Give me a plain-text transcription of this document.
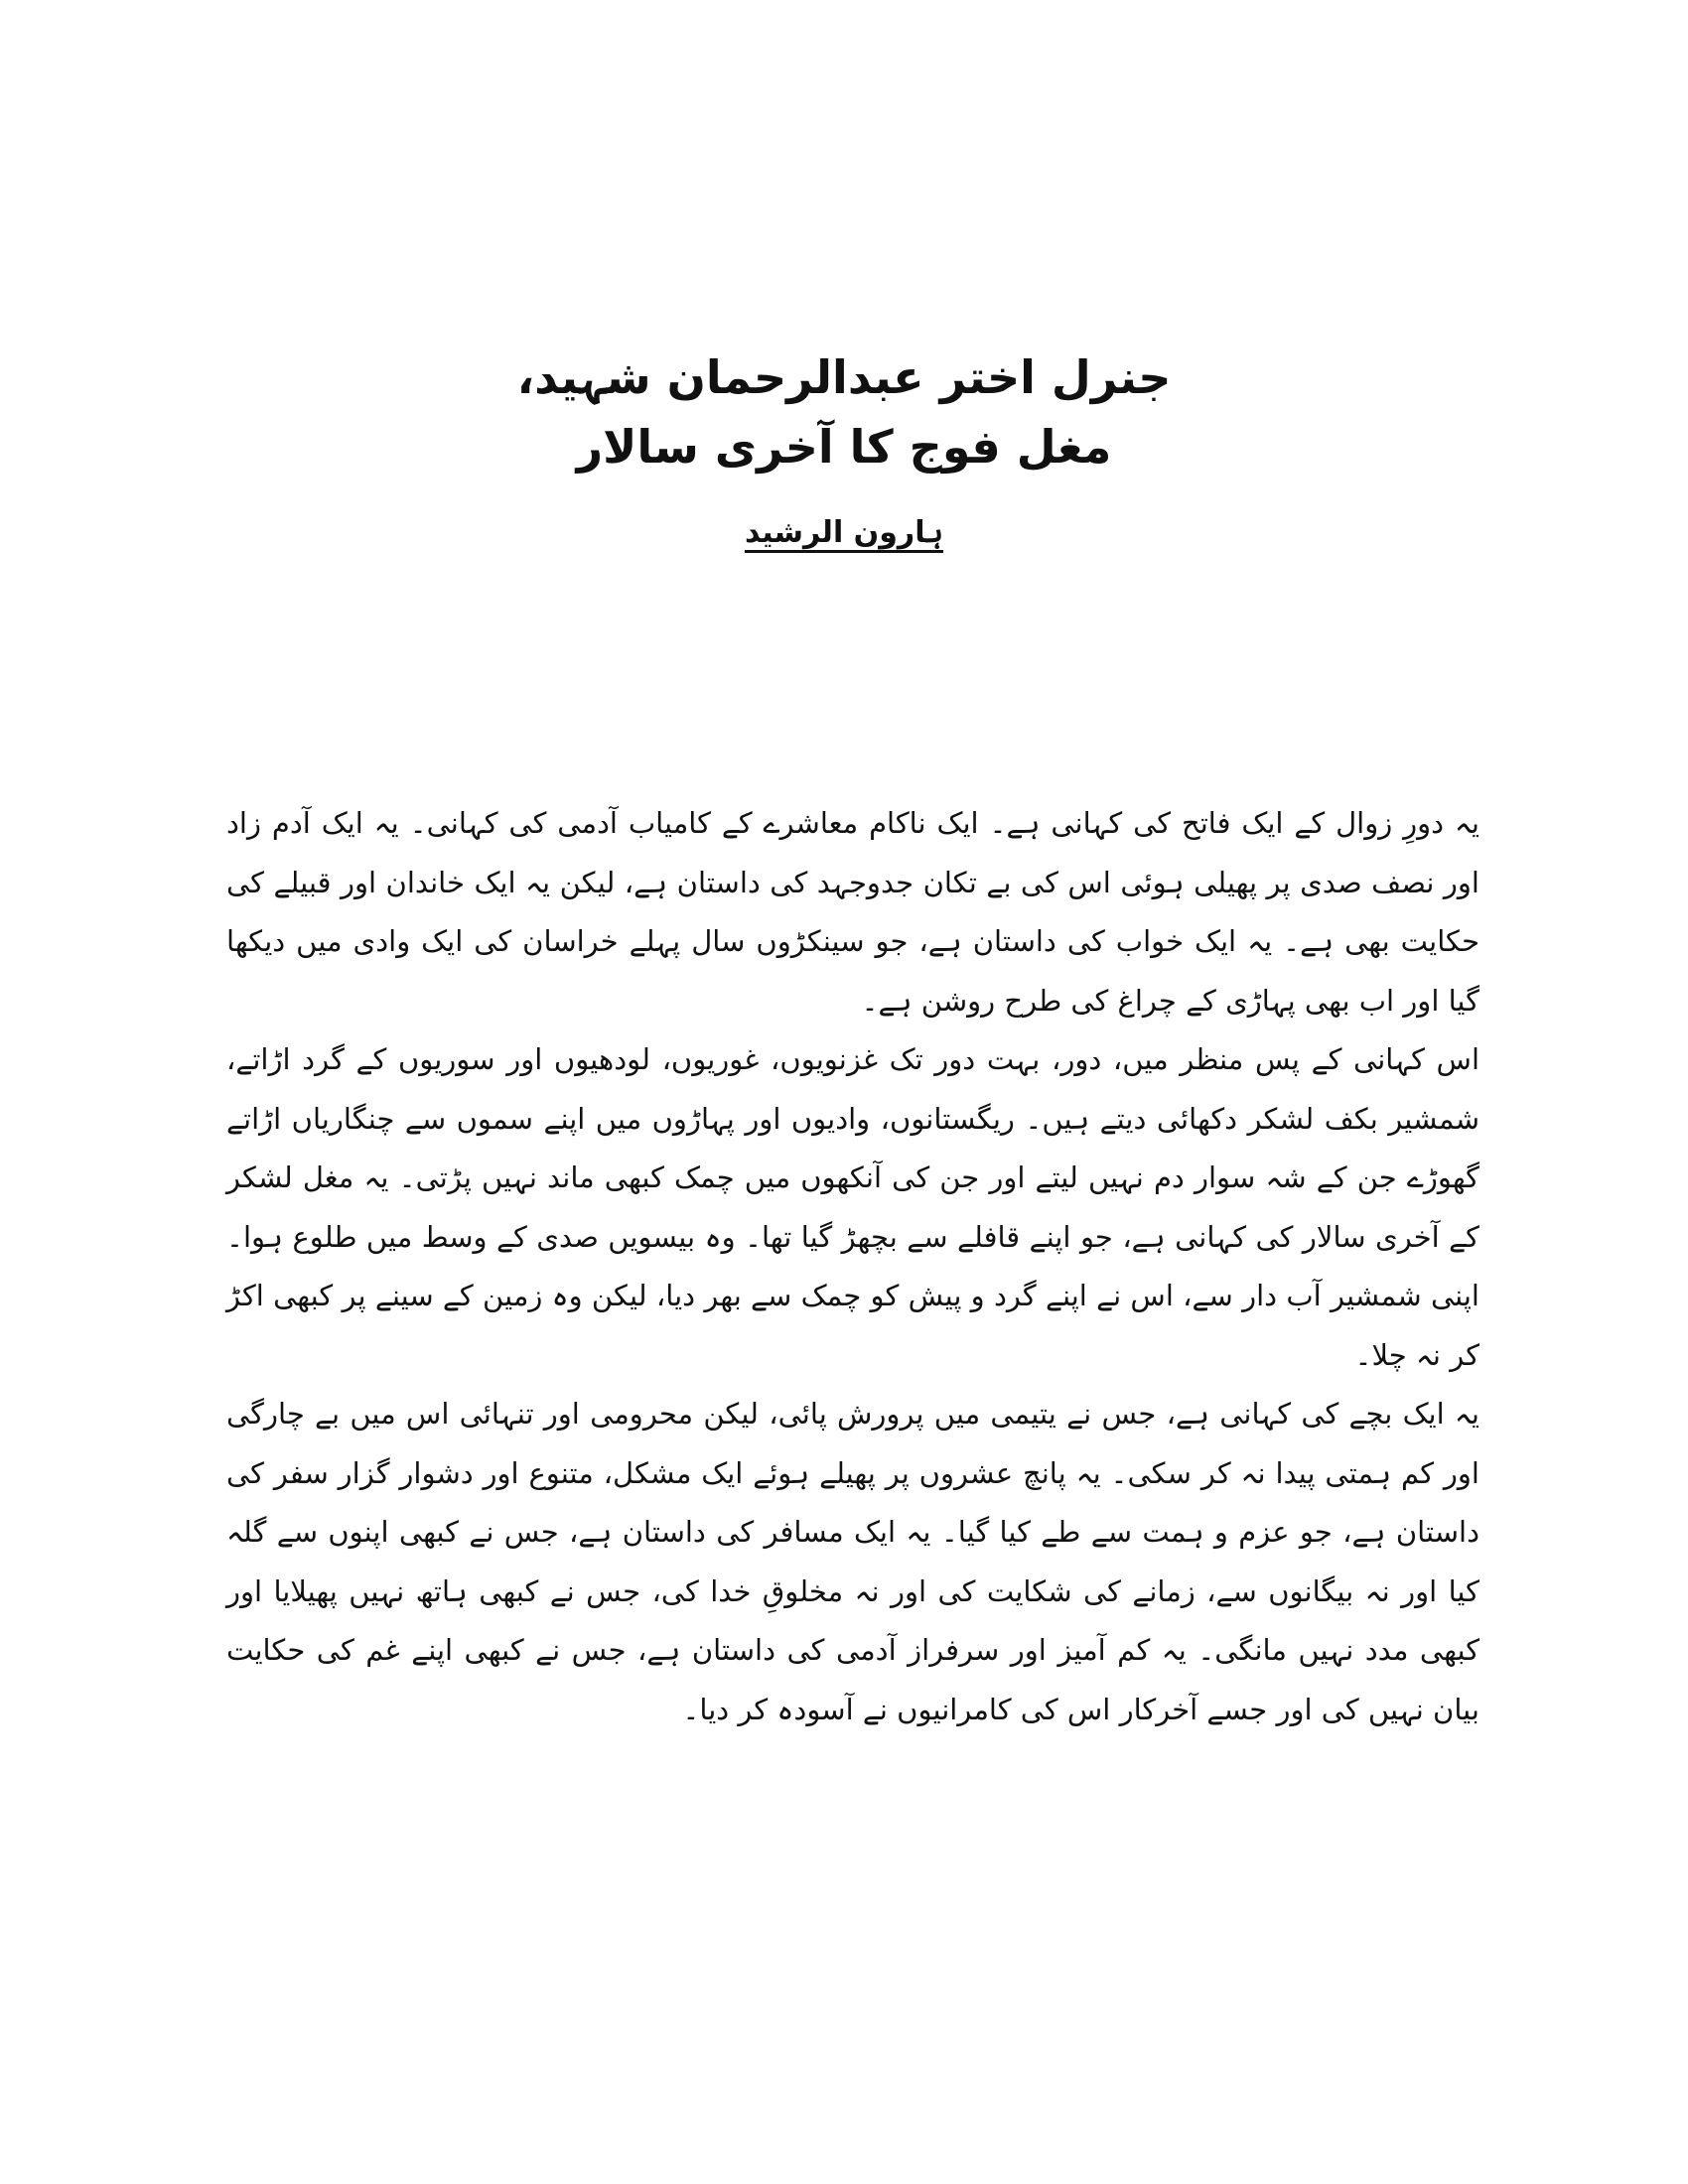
جنرل اختر عبدالرحمان شہید،

مغل فوج کا آخری سالار

ہارون الرشید

یہ دورِ زوال کے ایک فاتح کی کہانی ہے۔ ایک ناکام معاشرے کے کامیاب آدمی کی کہانی۔ یہ ایک آدم زاد اور نصف صدی پر پھیلی ہوئی اس کی بے تکان جدوجہد کی داستان ہے، لیکن یہ ایک خاندان اور قبیلے کی حکایت بھی ہے۔ یہ ایک خواب کی داستان ہے، جو سینکڑوں سال پہلے خراسان کی ایک وادی میں دیکھا گیا اور اب بھی پہاڑی کے چراغ کی طرح روشن ہے۔

اس کہانی کے پس منظر میں، دور، بہت دور تک غزنویوں، غوریوں، لودھیوں اور سوریوں کے گرد اڑاتے، شمشیر بکف لشکر دکھائی دیتے ہیں۔ ریگستانوں، وادیوں اور پہاڑوں میں اپنے سموں سے چنگاریاں اڑاتے گھوڑے جن کے شہ سوار دم نہیں لیتے اور جن کی آنکھوں میں چمک کبھی ماند نہیں پڑتی۔ یہ مغل لشکر کے آخری سالار کی کہانی ہے، جو اپنے قافلے سے بچھڑ گیا تھا۔ وہ بیسویں صدی کے وسط میں طلوع ہوا۔ اپنی شمشیر آب دار سے، اس نے اپنے گرد و پیش کو چمک سے بھر دیا، لیکن وہ زمین کے سینے پر کبھی اکڑ کر نہ چلا۔

یہ ایک بچے کی کہانی ہے، جس نے یتیمی میں پرورش پائی، لیکن محرومی اور تنہائی اس میں بے چارگی اور کم ہمتی پیدا نہ کر سکی۔ یہ پانچ عشروں پر پھیلے ہوئے ایک مشکل، متنوع اور دشوار گزار سفر کی داستان ہے، جو عزم و ہمت سے طے کیا گیا۔ یہ ایک مسافر کی داستان ہے، جس نے کبھی اپنوں سے گلہ کیا اور نہ بیگانوں سے، زمانے کی شکایت کی اور نہ مخلوقِ خدا کی، جس نے کبھی ہاتھ نہیں پھیلایا اور کبھی مدد نہیں مانگی۔ یہ کم آمیز اور سرفراز آدمی کی داستان ہے، جس نے کبھی اپنے غم کی حکایت بیان نہیں کی اور جسے آخرکار اس کی کامرانیوں نے آسودہ کر دیا۔
